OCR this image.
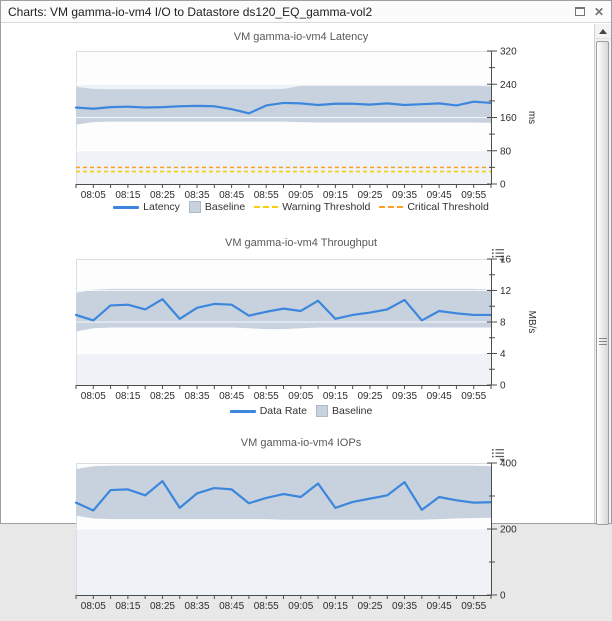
Charts: VM gamma-io-vm4 I/O to Datastore ds120_EQ_gamma-vol2	✕
VM gamma-io-vm4 Latency
08:05 08:15 08:25 08:35 08:45 08:55 09:05 09:15 09:25 09:35 09:45 09:55
0
80
160
240
320
ms
Latency Baseline	Warning Threshold	Critical Threshold
VM gamma-io-vm4 Throughput
08:05 08:15 08:25 08:35 08:45 08:55 09:05 09:15 09:25 09:35 09:45 09:55
0
4
8
12
16
MB/s
Data Rate Baseline
VM gamma-io-vm4 IOPs
08:05 08:15 08:25 08:35 08:45 08:55 09:05 09:15 09:25 09:35 09:45 09:55
0
200
400
